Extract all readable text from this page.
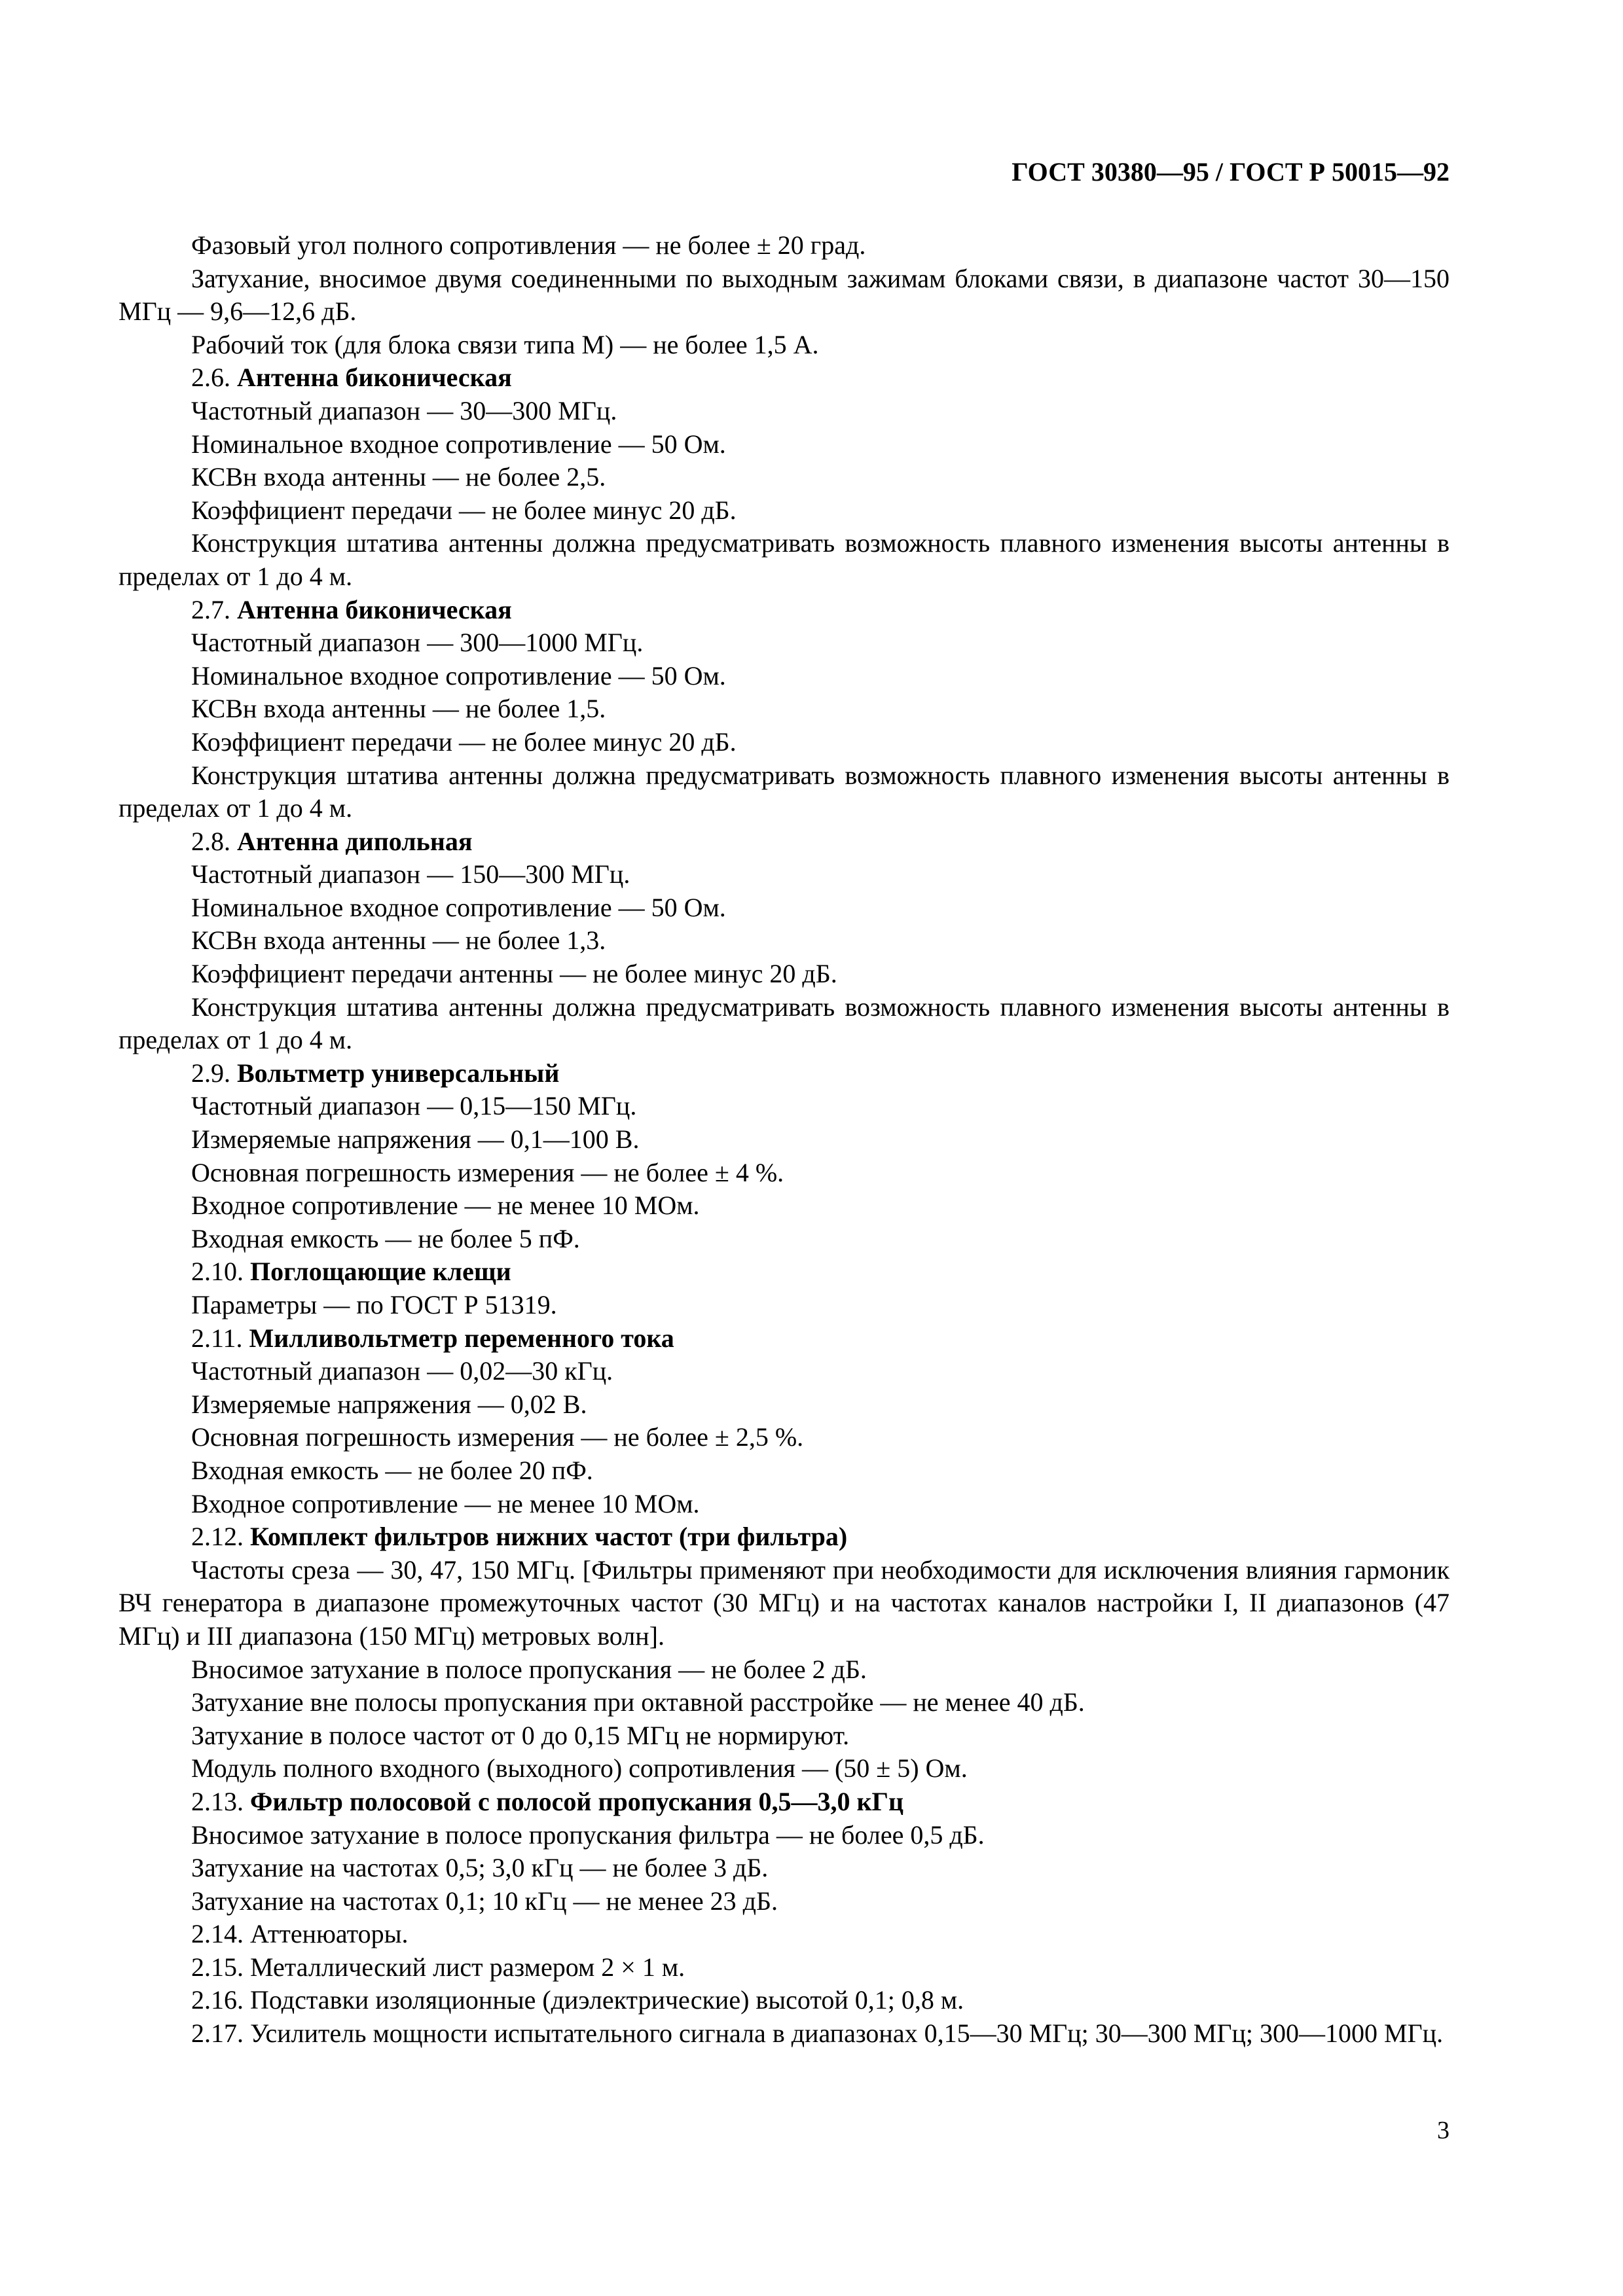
ГОСТ 30380—95 / ГОСТ Р 50015—92

Фазовый угол полного сопротивления — не более ± 20 град.

Затухание, вносимое двумя соединенными по выходным зажимам блоками связи, в диапазоне частот 30—150 МГц — 9,6—12,6 дБ.

Рабочий ток (для блока связи типа М) — не более 1,5 А.

2.6. Антенна биконическая

Частотный диапазон — 30—300 МГц.

Номинальное входное сопротивление — 50 Ом.

КСВн входа антенны — не более 2,5.

Коэффициент передачи — не более минус 20 дБ.

Конструкция штатива антенны должна предусматривать возможность плавного изменения высоты антенны в пределах от 1 до 4 м.

2.7. Антенна биконическая

Частотный диапазон — 300—1000 МГц.

Номинальное входное сопротивление — 50 Ом.

КСВн входа антенны — не более 1,5.

Коэффициент передачи — не более минус 20 дБ.

Конструкция штатива антенны должна предусматривать возможность плавного изменения высоты антенны в пределах от 1 до 4 м.

2.8. Антенна дипольная

Частотный диапазон — 150—300 МГц.

Номинальное входное сопротивление — 50 Ом.

КСВн входа антенны — не более 1,3.

Коэффициент передачи антенны — не более минус 20 дБ.

Конструкция штатива антенны должна предусматривать возможность плавного изменения высоты антенны в пределах от 1 до 4 м.

2.9. Вольтметр универсальный

Частотный диапазон — 0,15—150 МГц.

Измеряемые напряжения — 0,1—100 В.

Основная погрешность измерения — не более ± 4 %.

Входное сопротивление — не менее 10 МОм.

Входная емкость — не более 5 пФ.

2.10. Поглощающие клещи

Параметры — по ГОСТ Р 51319.

2.11. Милливольтметр переменного тока

Частотный диапазон — 0,02—30 кГц.

Измеряемые напряжения — 0,02 В.

Основная погрешность измерения — не более ± 2,5 %.

Входная емкость — не более 20 пФ.

Входное сопротивление — не менее 10 МОм.

2.12. Комплект фильтров нижних частот (три фильтра)

Частоты среза — 30, 47, 150 МГц. [Фильтры применяют при необходимости для исключения влияния гармоник ВЧ генератора в диапазоне промежуточных частот (30 МГц) и на частотах каналов настройки I, II диапазонов (47 МГц) и III диапазона (150 МГц) метровых волн].

Вносимое затухание в полосе пропускания — не более 2 дБ.

Затухание вне полосы пропускания при октавной расстройке — не менее 40 дБ.

Затухание в полосе частот от 0 до 0,15 МГц не нормируют.

Модуль полного входного (выходного) сопротивления — (50 ± 5) Ом.

2.13. Фильтр полосовой с полосой пропускания 0,5—3,0 кГц

Вносимое затухание в полосе пропускания фильтра — не более 0,5 дБ.

Затухание на частотах 0,5; 3,0 кГц — не более 3 дБ.

Затухание на частотах 0,1; 10 кГц — не менее 23 дБ.

2.14. Аттенюаторы.

2.15. Металлический лист размером 2 × 1 м.

2.16. Подставки изоляционные (диэлектрические) высотой 0,1; 0,8 м.

2.17. Усилитель мощности испытательного сигнала в диапазонах 0,15—30 МГц; 30—300 МГц; 300—1000 МГц.

3
